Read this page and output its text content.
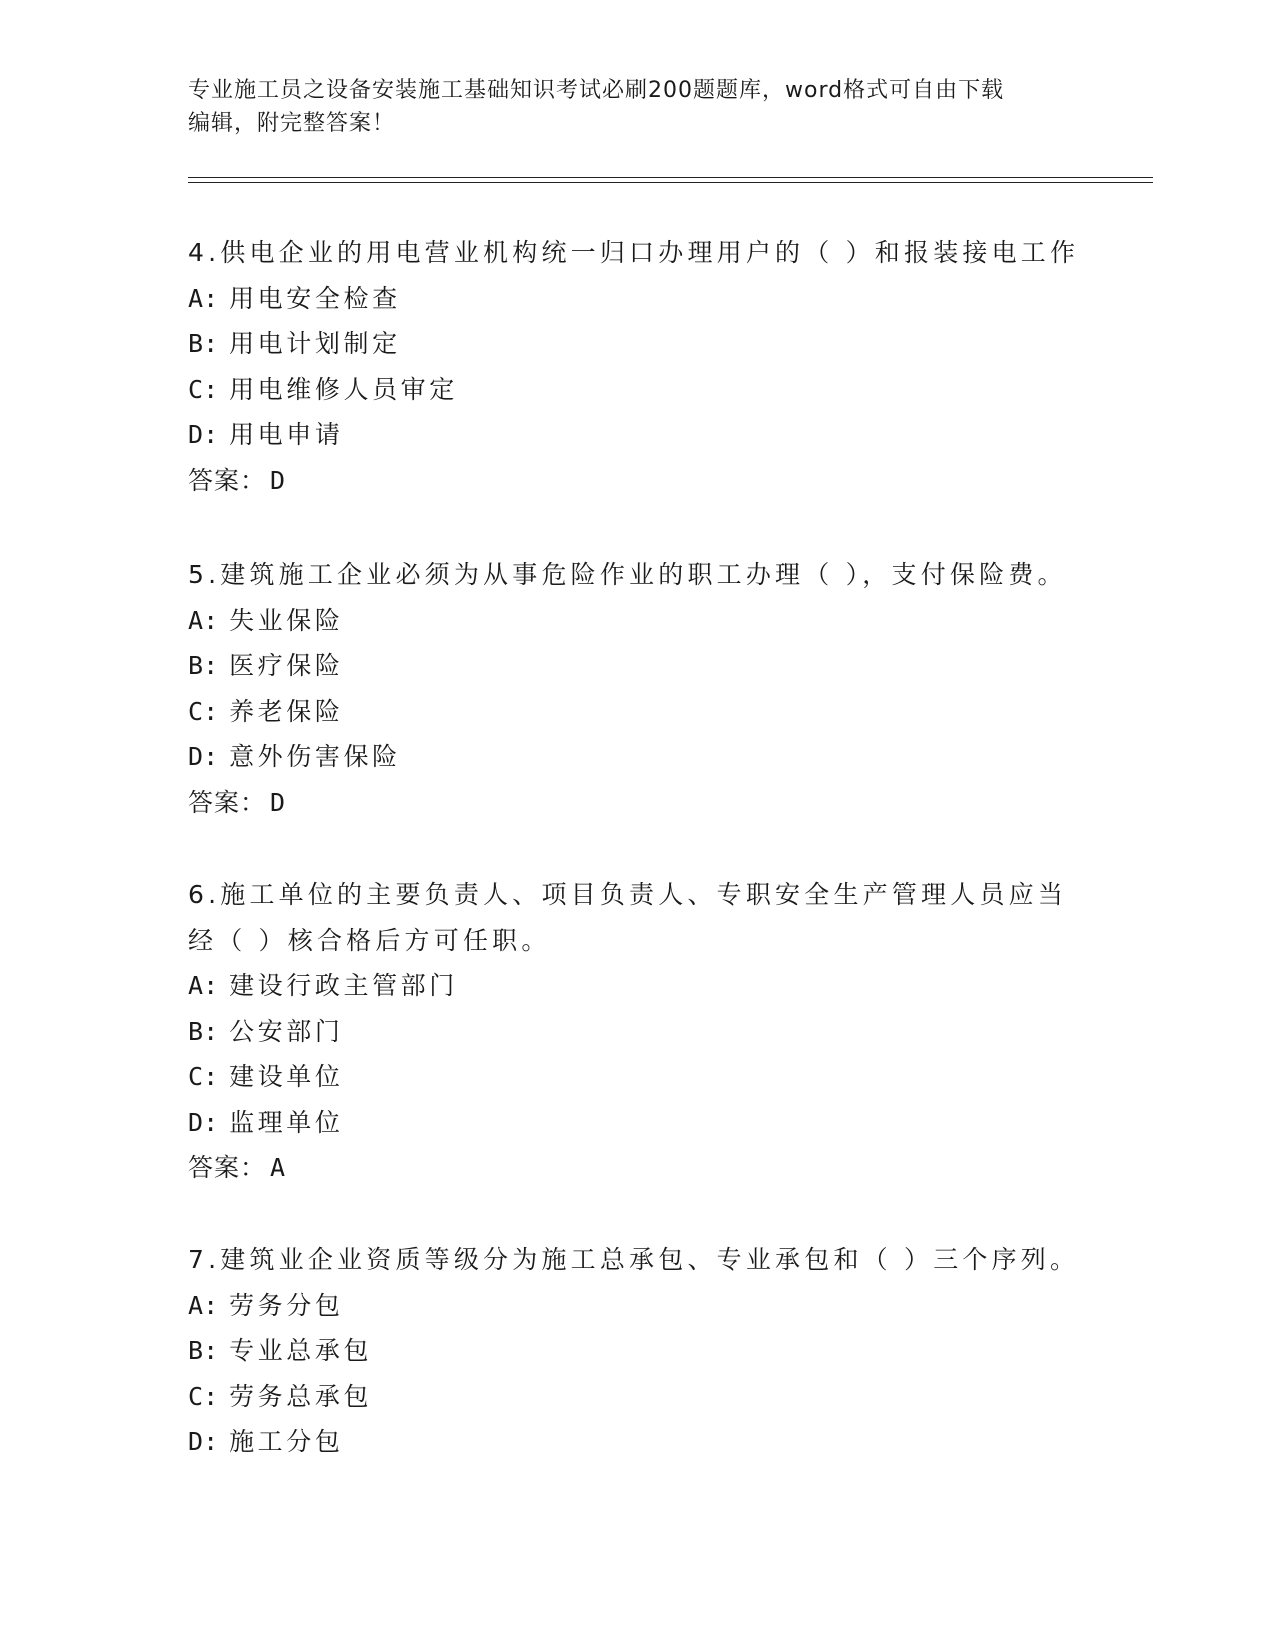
专业施工员之设备安装施工基础知识考试必刷200题题库，word格式可自由下载
编辑，附完整答案！
4.供电企业的用电营业机构统一归口办理用户的（ ）和报装接电工作
A: 用电安全检查
B: 用电计划制定
C: 用电维修人员审定
D: 用电申请
答案： D
5.建筑施工企业必须为从事危险作业的职工办理（ ），支付保险费。
A: 失业保险
B: 医疗保险
C: 养老保险
D: 意外伤害保险
答案： D
6.施工单位的主要负责人、项目负责人、专职安全生产管理人员应当
经（ ）核合格后方可任职。
A: 建设行政主管部门
B: 公安部门
C: 建设单位
D: 监理单位
答案： A
7.建筑业企业资质等级分为施工总承包、专业承包和（ ）三个序列。
A: 劳务分包
B: 专业总承包
C: 劳务总承包
D: 施工分包
